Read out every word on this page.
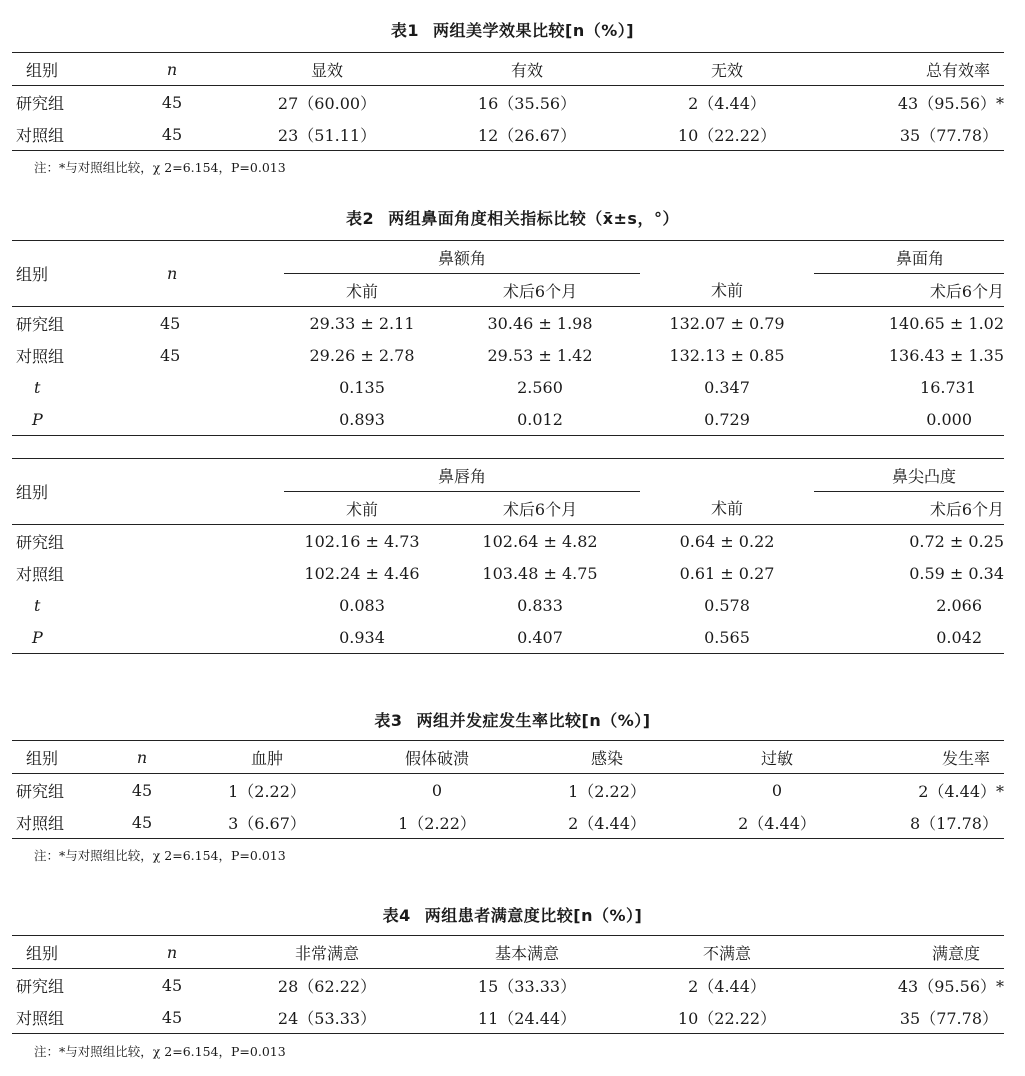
表1 两组美学效果比较[n（%）]
组别	n	显效	有效	无效	总有效率
研究组	45	27（60.00）	16（35.56）	2（4.44）	43（95.56）*
对照组	45	23（51.11）	12（26.67）	10（22.22）	35（77.78）
注：*与对照组比较，χ 2=6.154，P=0.013
表2 两组鼻面角度相关指标比较（x̄±s，°）
组别	n	鼻额角			鼻面角
		术前	术后6个月	术前	术后6个月
研究组	45	29.33 ± 2.11	30.46 ± 1.98	132.07 ± 0.79	140.65 ± 1.02
对照组	45	29.26 ± 2.78	29.53 ± 1.42	132.13 ± 0.85	136.43 ± 1.35
t		0.135	2.560	0.347	16.731
P		0.893	0.012	0.729	0.000
组别	鼻唇角			鼻尖凸度
	术前	术后6个月	术前	术后6个月
研究组	102.16 ± 4.73	102.64 ± 4.82	0.64 ± 0.22	0.72 ± 0.25
对照组	102.24 ± 4.46	103.48 ± 4.75	0.61 ± 0.27	0.59 ± 0.34
t	0.083	0.833	0.578	2.066
P	0.934	0.407	0.565	0.042
表3 两组并发症发生率比较[n（%）]
组别	n	血肿	假体破溃	感染	过敏	发生率
研究组	45	1（2.22）	0	1（2.22）	0	2（4.44）*
对照组	45	3（6.67）	1（2.22）	2（4.44）	2（4.44）	8（17.78）
注：*与对照组比较，χ 2=6.154，P=0.013
表4 两组患者满意度比较[n（%）]
组别	n	非常满意	基本满意	不满意	满意度
研究组	45	28（62.22）	15（33.33）	2（4.44）	43（95.56）*
对照组	45	24（53.33）	11（24.44）	10（22.22）	35（77.78）
注：*与对照组比较，χ 2=6.154，P=0.013
